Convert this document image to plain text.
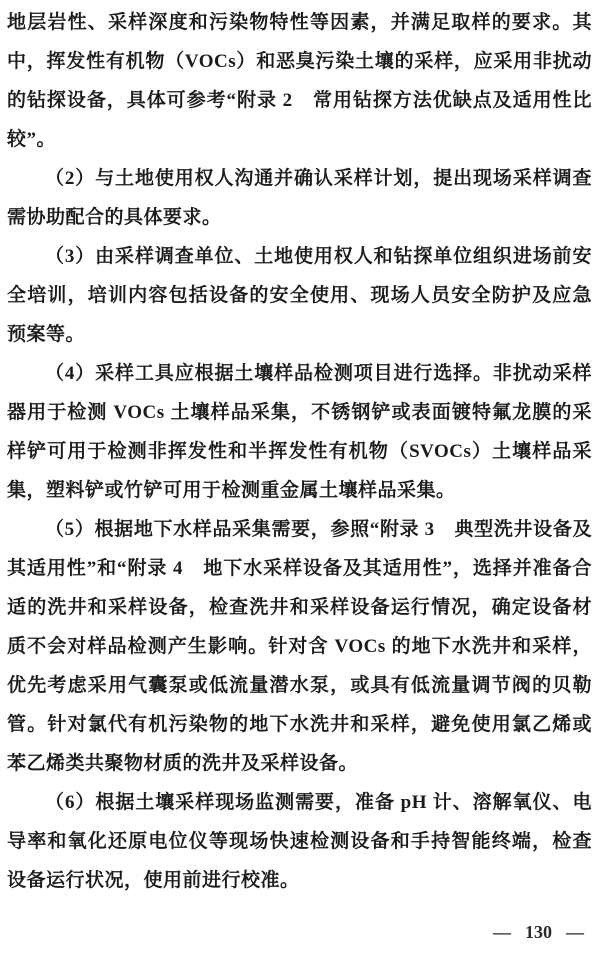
地层岩性、采样深度和污染物特性等因素，并满足取样的要求。其
中，挥发性有机物（VOCs）和恶臭污染土壤的采样，应采用非扰动
的钻探设备，具体可参考“附录 2　常用钻探方法优缺点及适用性比
较”。
（2）与土地使用权人沟通并确认采样计划，提出现场采样调查
需协助配合的具体要求。
（3）由采样调查单位、土地使用权人和钻探单位组织进场前安
全培训，培训内容包括设备的安全使用、现场人员安全防护及应急
预案等。
（4）采样工具应根据土壤样品检测项目进行选择。非扰动采样
器用于检测 VOCs 土壤样品采集，不锈钢铲或表面镀特氟龙膜的采
样铲可用于检测非挥发性和半挥发性有机物（SVOCs）土壤样品采
集，塑料铲或竹铲可用于检测重金属土壤样品采集。
（5）根据地下水样品采集需要，参照“附录 3　典型洗井设备及
其适用性”和“附录 4　地下水采样设备及其适用性”，选择并准备合
适的洗井和采样设备，检查洗井和采样设备运行情况，确定设备材
质不会对样品检测产生影响。针对含 VOCs 的地下水洗井和采样，
优先考虑采用气囊泵或低流量潜水泵，或具有低流量调节阀的贝勒
管。针对氯代有机污染物的地下水洗井和采样，避免使用氯乙烯或
苯乙烯类共聚物材质的洗井及采样设备。
（6）根据土壤采样现场监测需要，准备 pH 计、溶解氧仪、电
导率和氧化还原电位仪等现场快速检测设备和手持智能终端，检查
设备运行状况，使用前进行校准。
— 130 —
